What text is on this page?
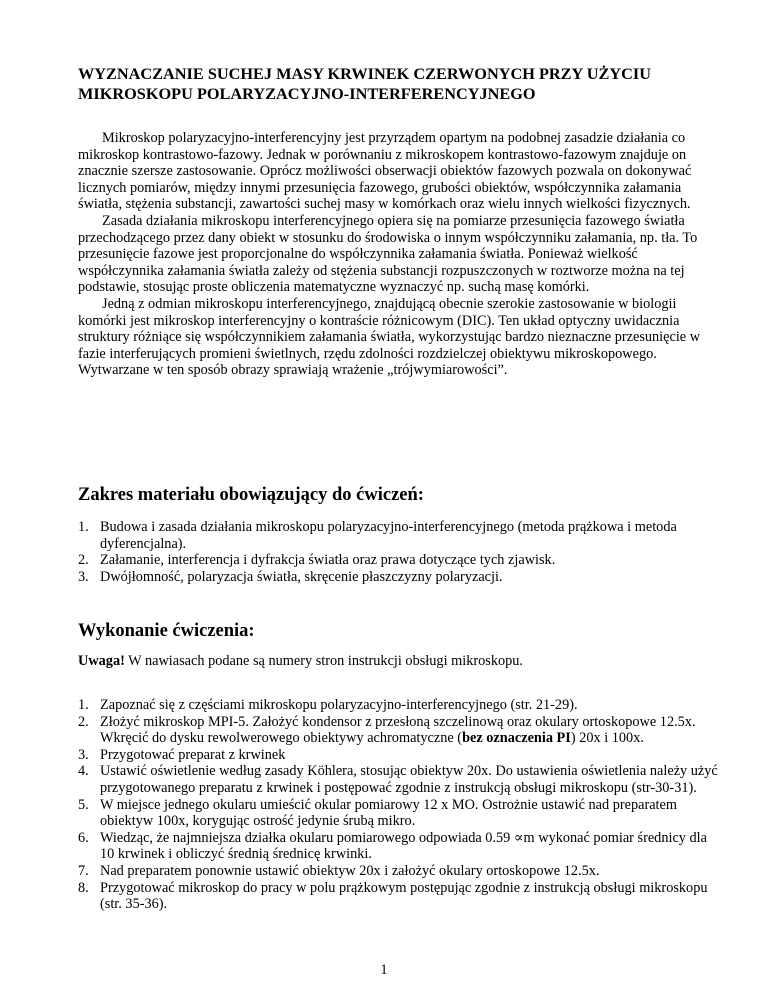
WYZNACZANIE SUCHEJ MASY KRWINEK CZERWONYCH PRZY UŻYCIU MIKROSKOPU POLARYZACYJNO-INTERFERENCYJNEGO

Mikroskop polaryzacyjno-interferencyjny jest przyrządem opartym na podobnej zasadzie działania co mikroskop kontrastowo-fazowy. Jednak w porównaniu z mikroskopem kontrastowo-fazowym znajduje on znacznie szersze zastosowanie. Oprócz możliwości obserwacji obiektów fazowych pozwala on dokonywać licznych pomiarów, między innymi przesunięcia fazowego, grubości obiektów, współczynnika załamania światła, stężenia substancji, zawartości suchej masy w komórkach oraz wielu innych wielkości fizycznych.

Zasada działania mikroskopu interferencyjnego opiera się na pomiarze przesunięcia fazowego światła przechodzącego przez dany obiekt w stosunku do środowiska o innym współczynniku załamania, np. tła. To przesunięcie fazowe jest proporcjonalne do współczynnika załamania światła. Ponieważ wielkość współczynnika załamania światła zależy od stężenia substancji rozpuszczonych w roztworze można na tej podstawie, stosując proste obliczenia matematyczne wyznaczyć np. suchą masę komórki.

Jedną z odmian mikroskopu interferencyjnego, znajdującą obecnie szerokie zastosowanie w biologii komórki jest mikroskop interferencyjny o kontraście różnicowym (DIC). Ten układ optyczny uwidacznia struktury różniące się współczynnikiem załamania światła, wykorzystując bardzo nieznaczne przesunięcie w fazie interferujących promieni świetlnych, rzędu zdolności rozdzielczej obiektywu mikroskopowego. Wytwarzane w ten sposób obrazy sprawiają wrażenie „trójwymiarowości”.

Zakres materiału obowiązujący do ćwiczeń:
1. Budowa i zasada działania mikroskopu polaryzacyjno-interferencyjnego (metoda prążkowa i metoda dyferencjalna).
2. Załamanie, interferencja i dyfrakcja światła oraz prawa dotyczące tych zjawisk.
3. Dwójłomność, polaryzacja światła, skręcenie płaszczyzny polaryzacji.
Wykonanie ćwiczenia:

Uwaga! W nawiasach podane są numery stron instrukcji obsługi mikroskopu.

1. Zapoznać się z częściami mikroskopu polaryzacyjno-interferencyjnego (str. 21-29).
2. Złożyć mikroskop MPI-5. Założyć kondensor z przesłoną szczelinową oraz okulary ortoskopowe 12.5x. Wkręcić do dysku rewolwerowego obiektywy achromatyczne (bez oznaczenia PI) 20x i 100x.
3. Przygotować preparat z krwinek
4. Ustawić oświetlenie według zasady Köhlera, stosując obiektyw 20x. Do ustawienia oświetlenia należy użyć przygotowanego preparatu z krwinek i postępować zgodnie z instrukcją obsługi mikroskopu (str-30-31).
5. W miejsce jednego okularu umieścić okular pomiarowy 12 x MO. Ostrożnie ustawić nad preparatem obiektyw 100x, korygując ostrość jedynie śrubą mikro.
6. Wiedząc, że najmniejsza działka okularu pomiarowego odpowiada 0.59 ∝m wykonać pomiar średnicy dla 10 krwinek i obliczyć średnią średnicę krwinki.
7. Nad preparatem ponownie ustawić obiektyw 20x i założyć okulary ortoskopowe 12.5x.
8. Przygotować mikroskop do pracy w polu prążkowym postępując zgodnie z instrukcją obsługi mikroskopu (str. 35-36).
1
